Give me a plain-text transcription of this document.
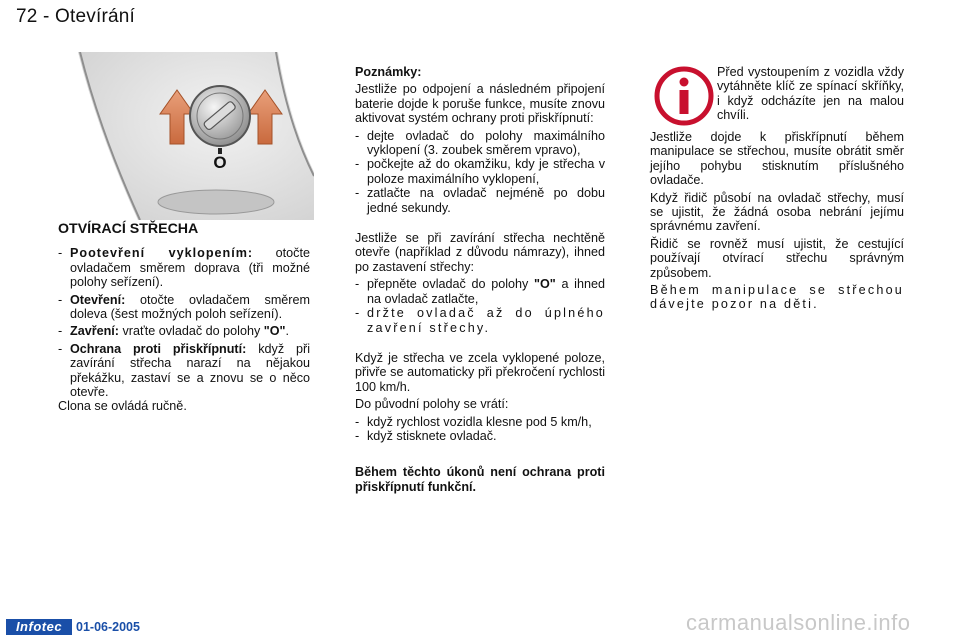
72 - Otevírání
O
OTVÍRACÍ STŘECHA
- Pootevření vyklopením: otočte ovladačem směrem doprava (tři možné polohy seřízení).
- Otevření: otočte ovladačem směrem doleva (šest možných poloh seřízení).
- Zavření: vraťte ovladač do polohy "O".
- Ochrana proti přiskřípnutí: když při zavírání střecha narazí na nějakou překážku, zastaví se a znovu se o něco otevře.

Clona se ovládá ručně.

Poznámky:

Jestliže po odpojení a následném připojení baterie dojde k poruše funkce, musíte znovu aktivovat systém ochrany proti přiskřípnutí:

- dejte ovladač do polohy maximálního vyklopení (3. zoubek směrem vpravo),
- počkejte až do okamžiku, kdy je střecha v poloze maximálního vyklopení,
- zatlačte na ovladač nejméně po dobu jedné sekundy.

Jestliže se při zavírání střecha nechtěně otevře (například z důvodu námrazy), ihned po zastavení střechy:

- přepněte ovladač do polohy "O" a ihned na ovladač zatlačte,
- držte ovladač až do úplného zavření střechy.

Když je střecha ve zcela vyklopené poloze, přivře se automaticky při překročení rychlosti 100 km/h.

Do původní polohy se vrátí:

- když rychlost vozidla klesne pod 5 km/h,
- když stisknete ovladač.

Během těchto úkonů není ochrana proti přiskřípnutí funkční.

Před vystoupením z vozidla vždy vytáhněte klíč ze spínací skříňky, i když odcházíte jen na malou chvíli.

Jestliže dojde k přiskřípnutí během manipulace se střechou, musíte obrátit směr jejího pohybu stisknutím příslušného ovladače.

Když řidič působí na ovladač střechy, musí se ujistit, že žádná osoba nebrání jejímu správnému zavření.

Řidič se rovněž musí ujistit, že cestující používají otvírací střechu správným způsobem.

Během manipulace se střechou dávejte pozor na děti.

Infotec	01-06-2005	carmanualsonline.info
